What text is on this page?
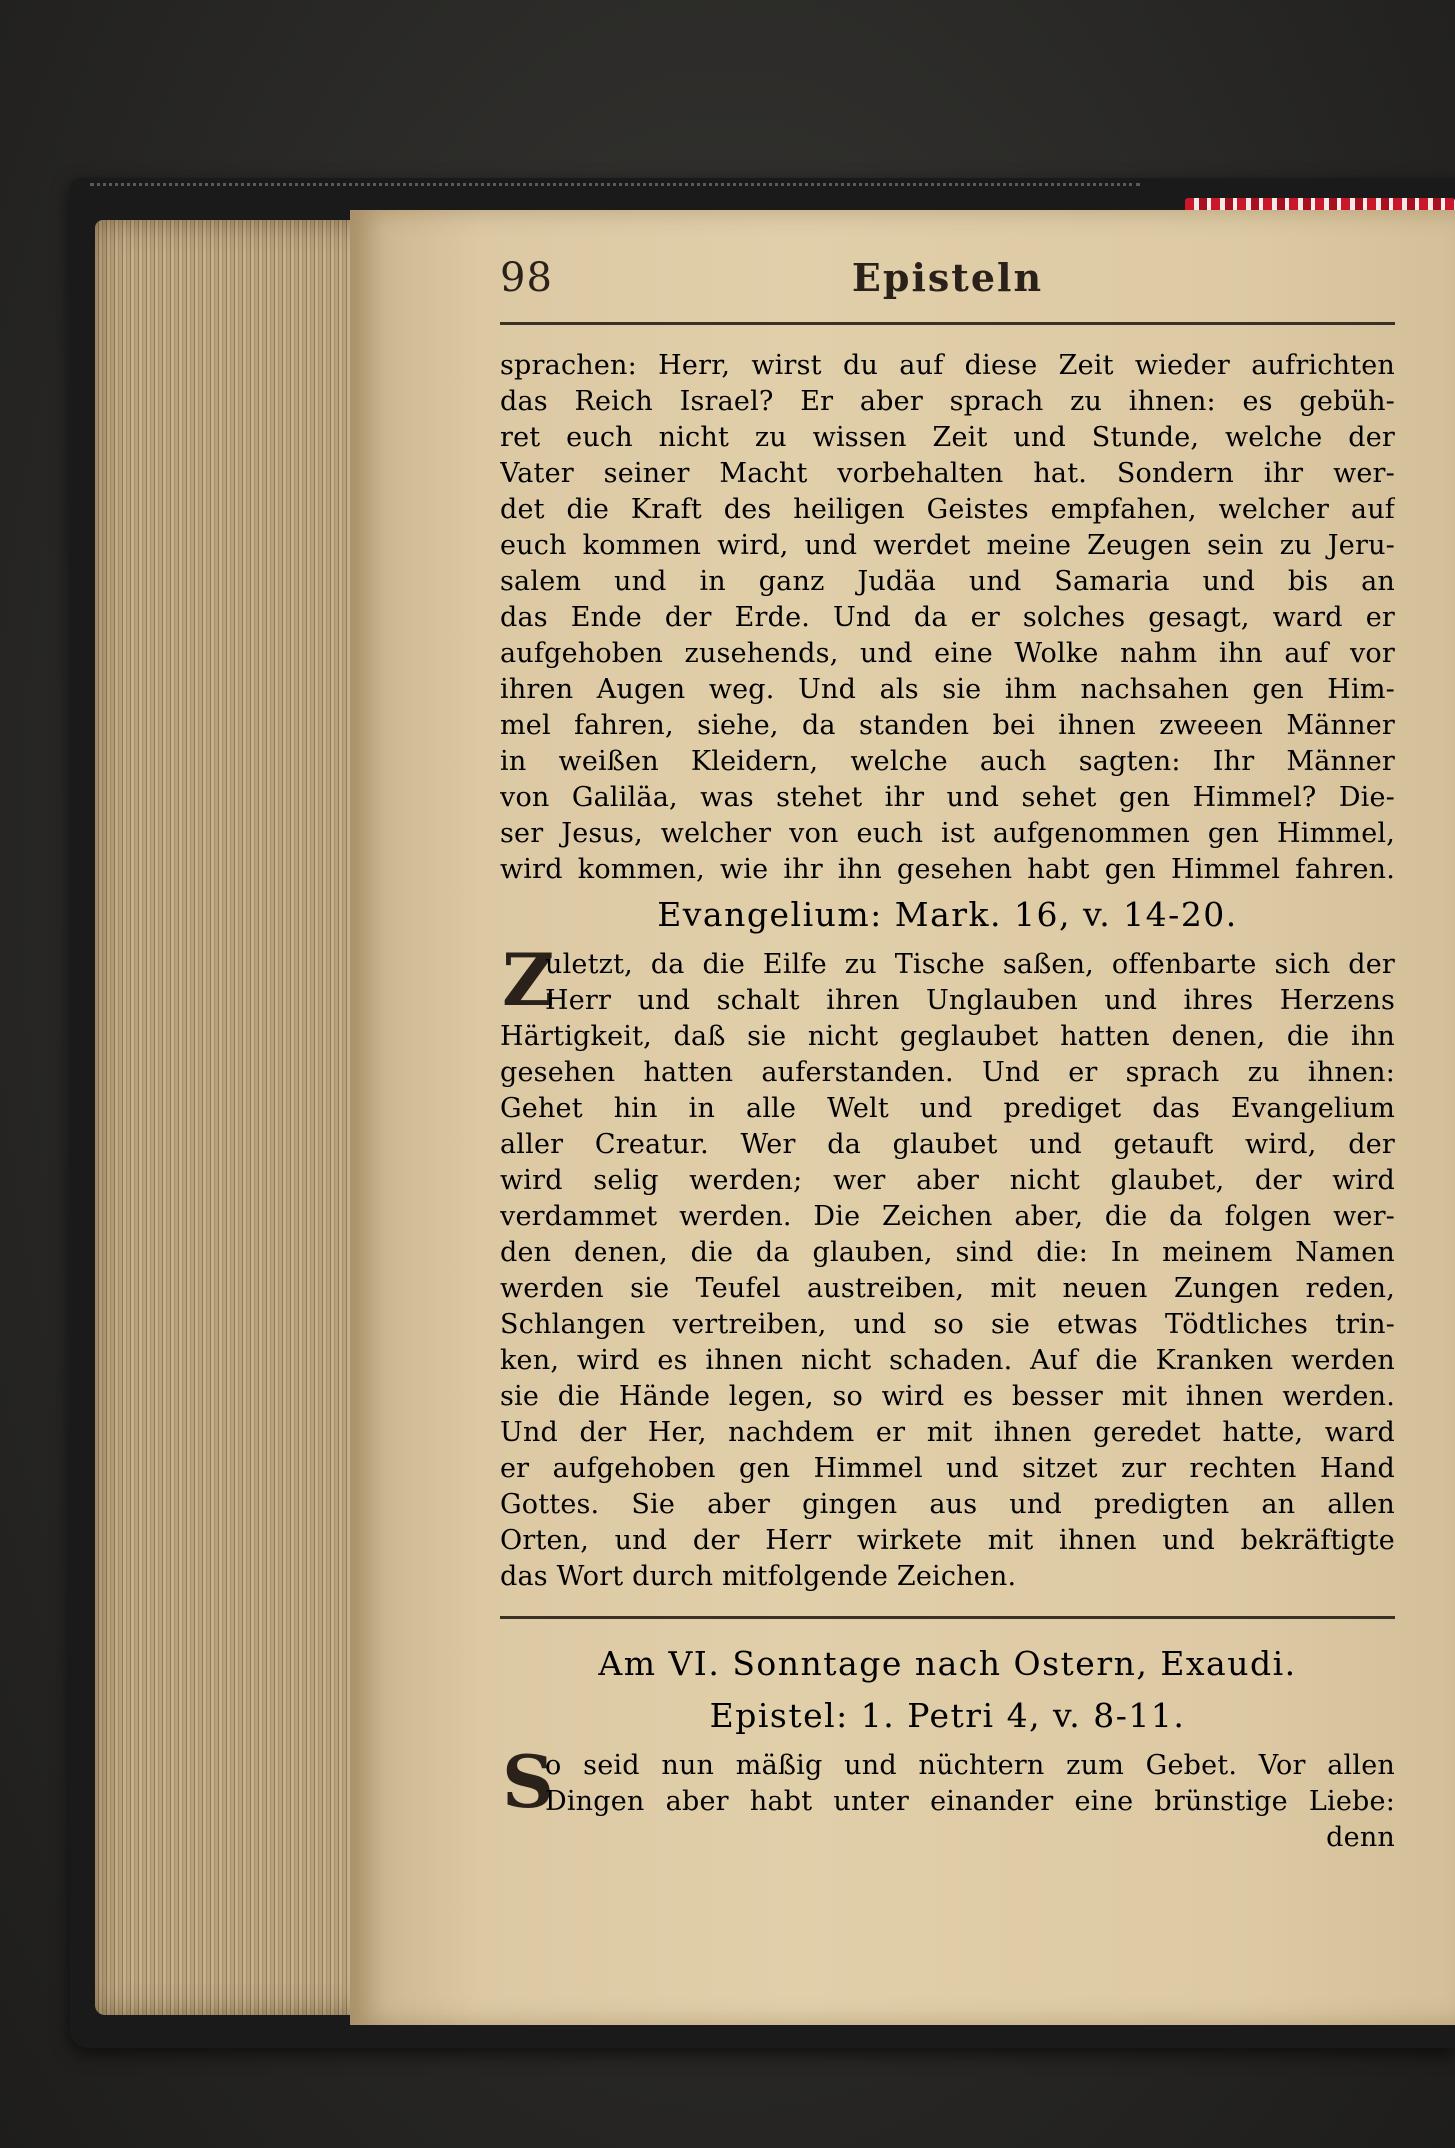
98	Episteln
sprachen: Herr, wirst du auf diese Zeit wieder aufrichten
das Reich Israel? Er aber sprach zu ihnen: es gebüh-
ret euch nicht zu wissen Zeit und Stunde, welche der
Vater seiner Macht vorbehalten hat. Sondern ihr wer-
det die Kraft des heiligen Geistes empfahen, welcher auf
euch kommen wird, und werdet meine Zeugen sein zu Jeru-
salem und in ganz Judäa und Samaria und bis an
das Ende der Erde. Und da er solches gesagt, ward er
aufgehoben zusehends, und eine Wolke nahm ihn auf vor
ihren Augen weg. Und als sie ihm nachsahen gen Him-
mel fahren, siehe, da standen bei ihnen zweeen Männer
in weißen Kleidern, welche auch sagten: Ihr Männer
von Galiläa, was stehet ihr und sehet gen Himmel? Die-
ser Jesus, welcher von euch ist aufgenommen gen Himmel,
wird kommen, wie ihr ihn gesehen habt gen Himmel fahren.
Evangelium: Mark. 16, v. 14-20.
Z
uletzt, da die Eilfe zu Tische saßen, offenbarte sich der
Herr und schalt ihren Unglauben und ihres Herzens
Härtigkeit, daß sie nicht geglaubet hatten denen, die ihn
gesehen hatten auferstanden. Und er sprach zu ihnen:
Gehet hin in alle Welt und prediget das Evangelium
aller Creatur. Wer da glaubet und getauft wird, der
wird selig werden; wer aber nicht glaubet, der wird
verdammet werden. Die Zeichen aber, die da folgen wer-
den denen, die da glauben, sind die: In meinem Namen
werden sie Teufel austreiben, mit neuen Zungen reden,
Schlangen vertreiben, und so sie etwas Tödtliches trin-
ken, wird es ihnen nicht schaden. Auf die Kranken werden
sie die Hände legen, so wird es besser mit ihnen werden.
Und der Her, nachdem er mit ihnen geredet hatte, ward
er aufgehoben gen Himmel und sitzet zur rechten Hand
Gottes. Sie aber gingen aus und predigten an allen
Orten, und der Herr wirkete mit ihnen und bekräftigte
das Wort durch mitfolgende Zeichen.
Am VI. Sonntage nach Ostern, Exaudi.
Epistel: 1. Petri 4, v. 8-11.
S
o seid nun mäßig und nüchtern zum Gebet. Vor allen
Dingen aber habt unter einander eine brünstige Liebe:
denn
